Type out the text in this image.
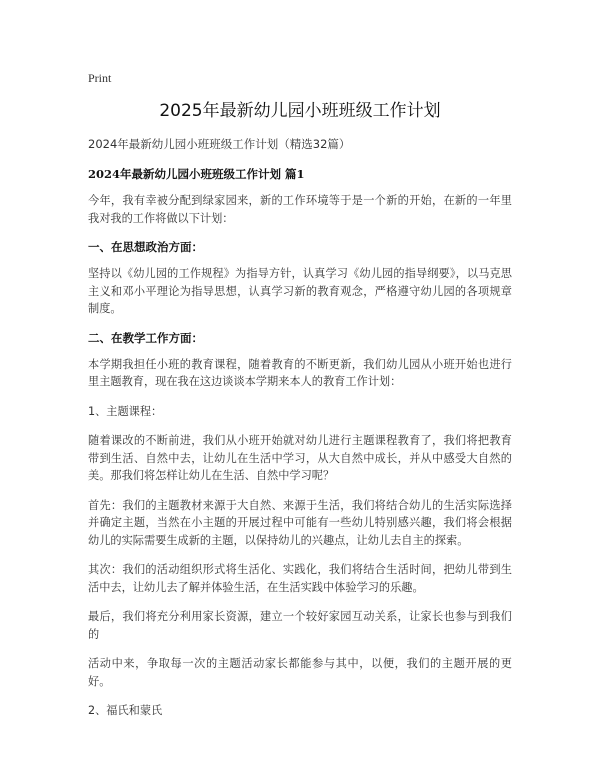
Print
2025年最新幼儿园小班班级工作计划
2024年最新幼儿园小班班级工作计划（精选32篇）
2024年最新幼儿园小班班级工作计划 篇1

今年，我有幸被分配到绿家园来，新的工作环境等于是一个新的开始，在新的一年里我对我的工作将做以下计划：

一、在思想政治方面：

坚持以《幼儿园的工作规程》为指导方针，认真学习《幼儿园的指导纲要》，以马克思主义和邓小平理论为指导思想，认真学习新的教育观念，严格遵守幼儿园的各项规章制度。

二、在教学工作方面：

本学期我担任小班的教育课程，随着教育的不断更新，我们幼儿园从小班开始也进行里主题教育，现在我在这边谈谈本学期来本人的教育工作计划：

1、主题课程：

随着课改的不断前进，我们从小班开始就对幼儿进行主题课程教育了，我们将把教育带到生活、自然中去，让幼儿在生活中学习，从大自然中成长，并从中感受大自然的美。那我们将怎样让幼儿在生活、自然中学习呢？

首先：我们的主题教材来源于大自然、来源于生活，我们将结合幼儿的生活实际选择并确定主题，当然在小主题的开展过程中可能有一些幼儿特别感兴趣，我们将会根据幼儿的实际需要生成新的主题，以保持幼儿的兴趣点，让幼儿去自主的探索。

其次：我们的活动组织形式将生活化、实践化，我们将结合生活时间，把幼儿带到生活中去，让幼儿去了解并体验生活，在生活实践中体验学习的乐趣。

最后，我们将充分利用家长资源，建立一个较好家园互动关系，让家长也参与到我们的

活动中来，争取每一次的主题活动家长都能参与其中，以便，我们的主题开展的更好。

2、福氏和蒙氏
